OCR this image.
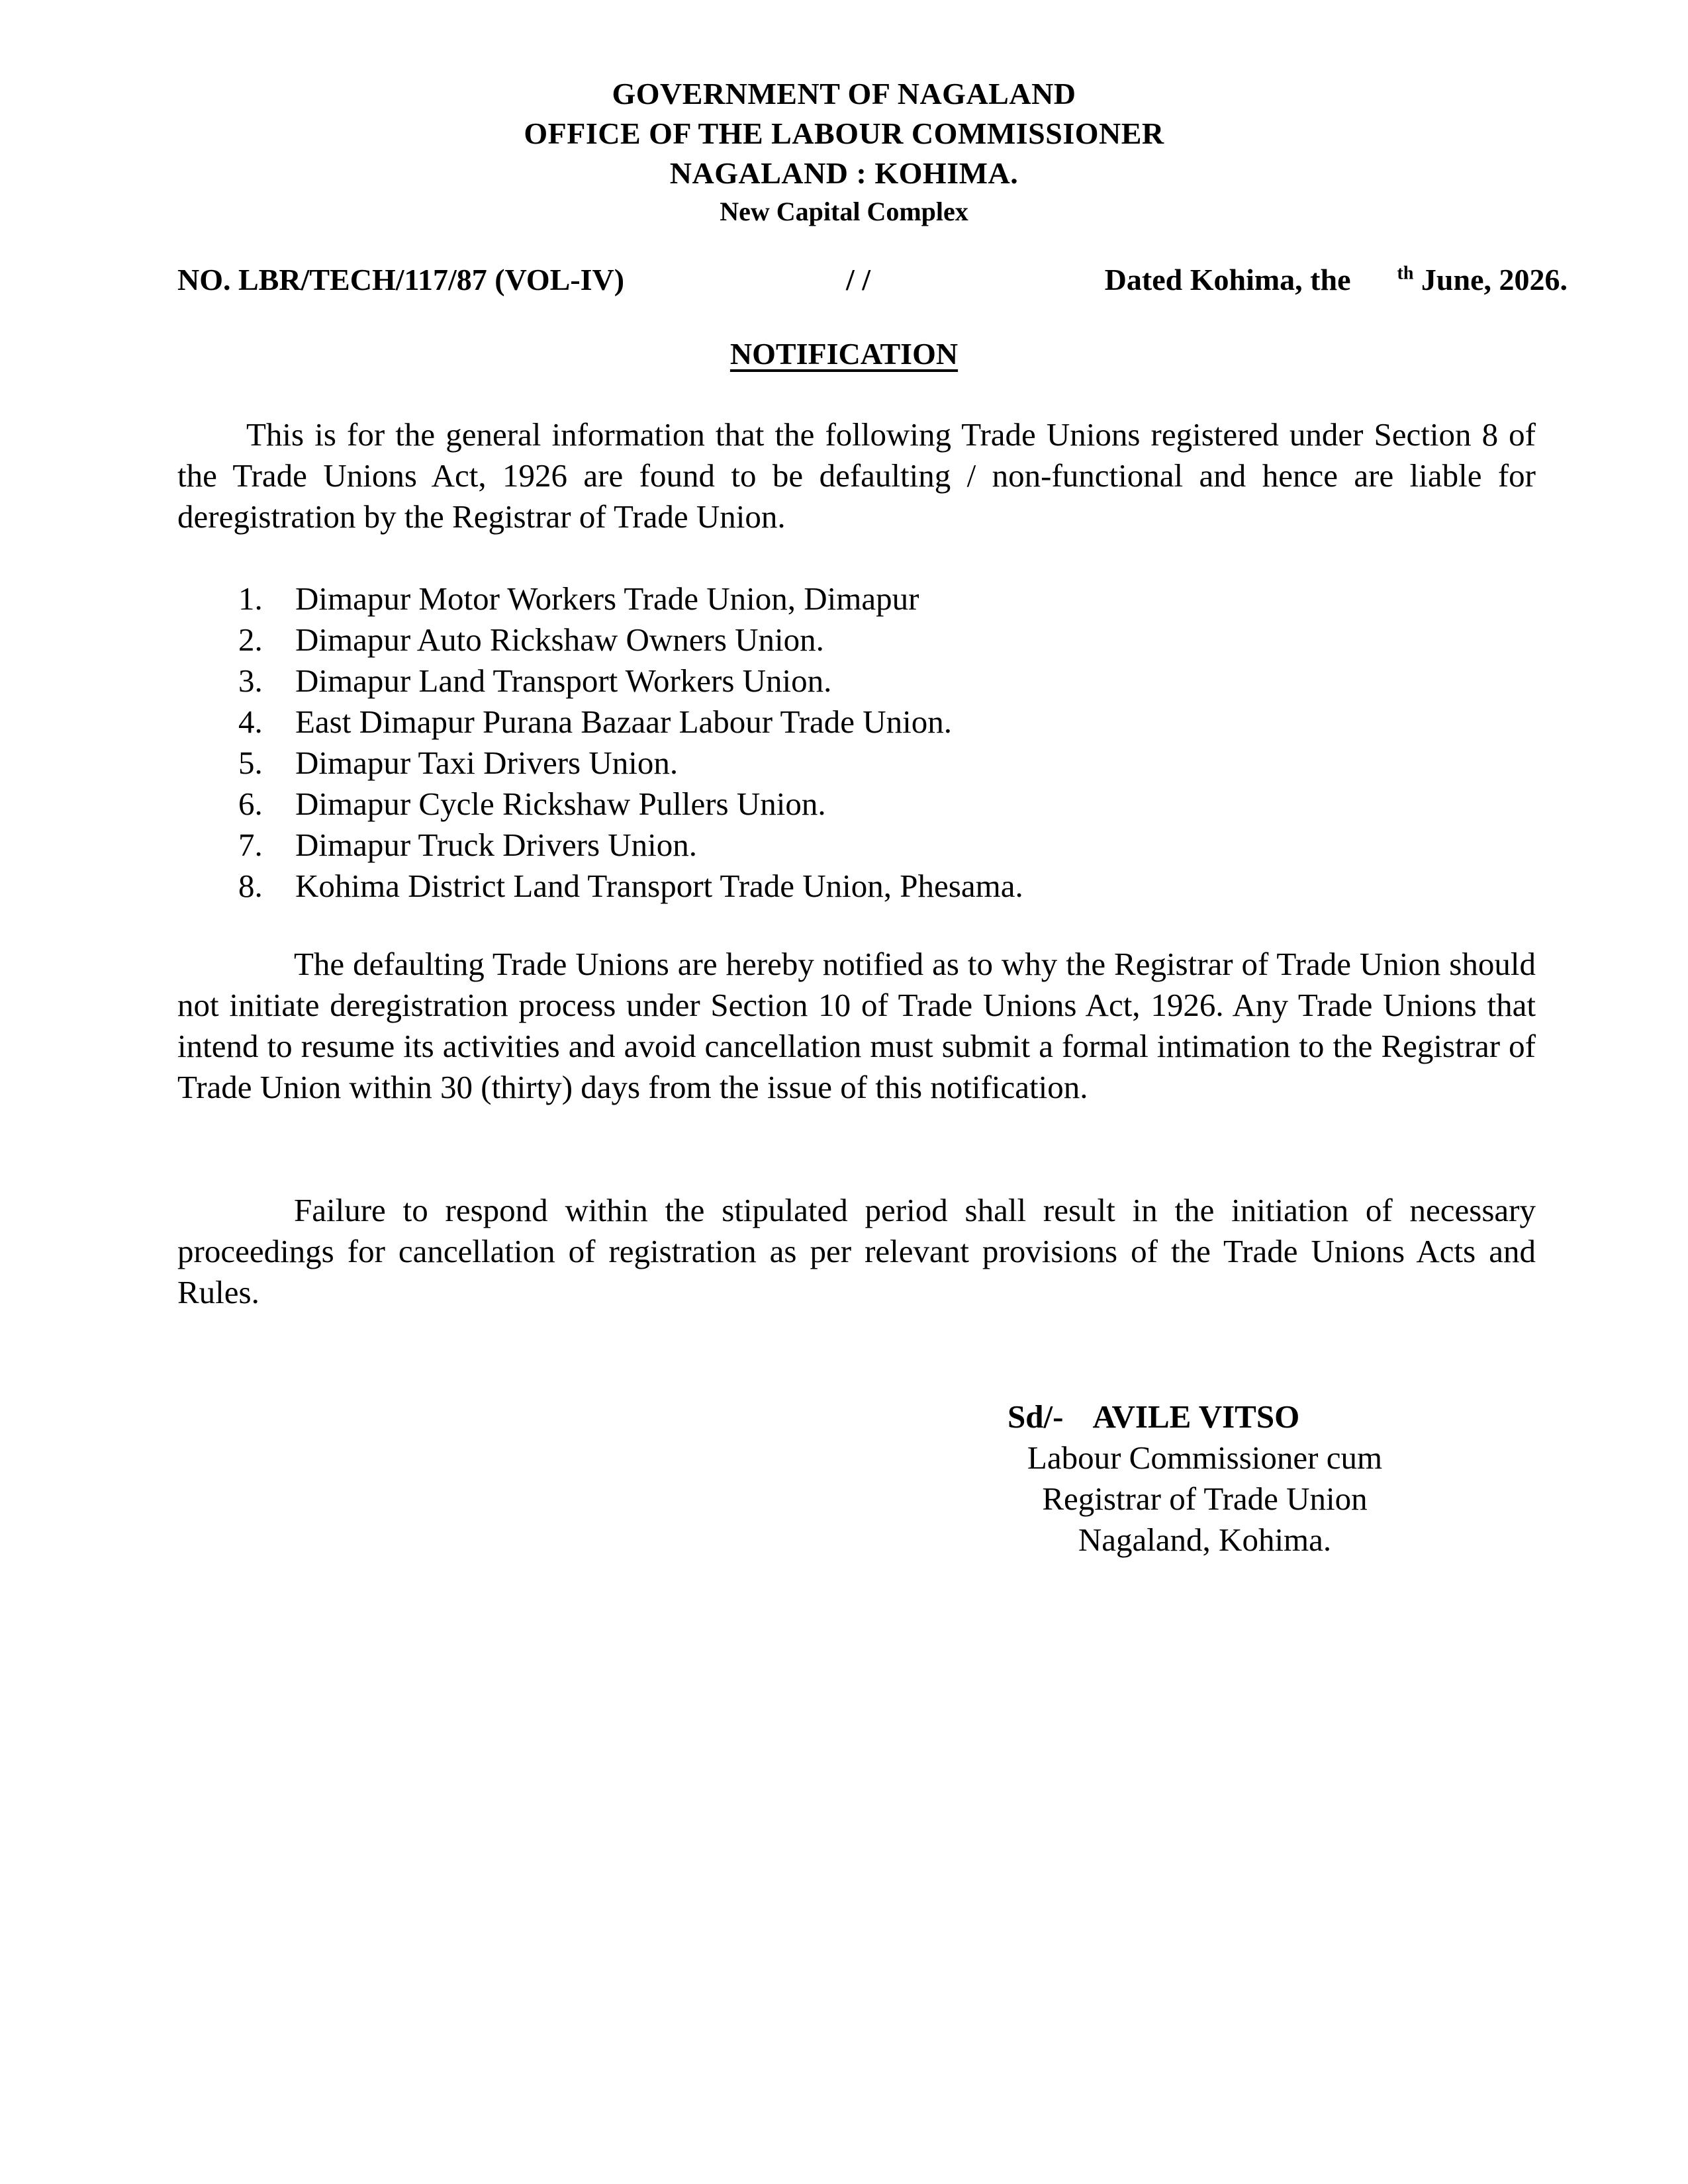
GOVERNMENT OF NAGALAND
OFFICE OF THE LABOUR COMMISSIONER
NAGALAND : KOHIMA.
New Capital Complex
NO. LBR/TECH/117/87 (VOL-IV)	/ /	Dated Kohima, the	$^{th}$ June, 2026.
NOTIFICATION
This is for the general information that the following Trade Unions registered under Section 8 of the Trade Unions Act, 1926 are found to be defaulting / non-functional and hence are liable for deregistration by the Registrar of Trade Union.
1. Dimapur Motor Workers Trade Union, Dimapur
2. Dimapur Auto Rickshaw Owners Union.
3. Dimapur Land Transport Workers Union.
4. East Dimapur Purana Bazaar Labour Trade Union.
5. Dimapur Taxi Drivers Union.
6. Dimapur Cycle Rickshaw Pullers Union.
7. Dimapur Truck Drivers Union.
8. Kohima District Land Transport Trade Union, Phesama.
The defaulting Trade Unions are hereby notified as to why the Registrar of Trade Union should not initiate deregistration process under Section 10 of Trade Unions Act, 1926. Any Trade Unions that intend to resume its activities and avoid cancellation must submit a formal intimation to the Registrar of Trade Union within 30 (thirty) days from the issue of this notification.
Failure to respond within the stipulated period shall result in the initiation of necessary proceedings for cancellation of registration as per relevant provisions of the Trade Unions Acts and Rules.
Sd/- AVILE VITSO
Labour Commissioner cum
Registrar of Trade Union
Nagaland, Kohima.
